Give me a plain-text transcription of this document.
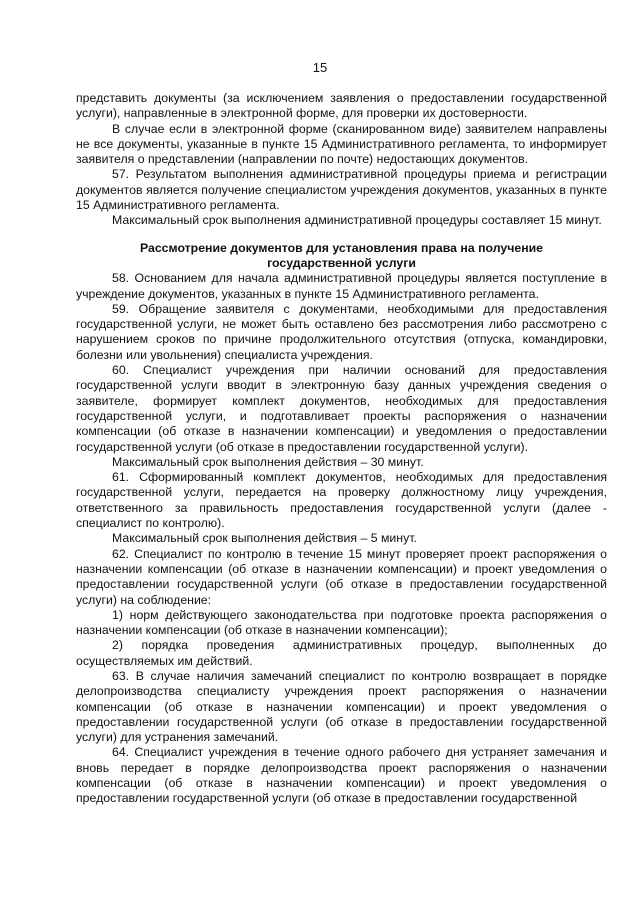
15

представить документы (за исключением заявления о предоставлении государственной услуги), направленные в электронной форме, для проверки их достоверности.

В случае если в электронной форме (сканированном виде) заявителем направлены не все документы, указанные в пункте 15 Административного регламента, то информирует заявителя о представлении (направлении по почте) недостающих документов.

57. Результатом выполнения административной процедуры приема и регистрации документов является получение специалистом учреждения документов, указанных в пункте 15 Административного регламента.

Максимальный срок выполнения административной процедуры составляет 15 минут.

Рассмотрение документов для установления права на получение
государственной услуги

58. Основанием для начала административной процедуры является поступление в учреждение документов, указанных в пункте 15 Административного регламента.

59. Обращение заявителя с документами, необходимыми для предоставления государственной услуги, не может быть оставлено без рассмотрения либо рассмотрено с нарушением сроков по причине продолжительного отсутствия (отпуска, командировки, болезни или увольнения) специалиста учреждения.

60. Специалист учреждения при наличии оснований для предоставления государственной услуги вводит в электронную базу данных учреждения сведения о заявителе, формирует комплект документов, необходимых для предоставления государственной услуги, и подготавливает проекты распоряжения о назначении компенсации (об отказе в назначении компенсации) и уведомления о предоставлении государственной услуги (об отказе в предоставлении государственной услуги).

Максимальный срок выполнения действия – 30 минут.

61. Сформированный комплект документов, необходимых для предоставления государственной услуги, передается на проверку должностному лицу учреждения, ответственного за правильность предоставления государственной услуги (далее - специалист по контролю).

Максимальный срок выполнения действия – 5 минут.

62. Специалист по контролю в течение 15 минут проверяет проект распоряжения о назначении компенсации (об отказе в назначении компенсации) и проект уведомления о предоставлении государственной услуги (об отказе в предоставлении государственной услуги) на соблюдение:

1) норм действующего законодательства при подготовке проекта распоряжения о назначении компенсации (об отказе в назначении компенсации);

2) порядка проведения административных процедур, выполненных до осуществляемых им действий.

63. В случае наличия замечаний специалист по контролю возвращает в порядке делопроизводства специалисту учреждения проект распоряжения о назначении компенсации (об отказе в назначении компенсации) и проект уведомления о предоставлении государственной услуги (об отказе в предоставлении государственной услуги) для устранения замечаний.

64. Специалист учреждения в течение одного рабочего дня устраняет замечания и вновь передает в порядке делопроизводства проект распоряжения о назначении компенсации (об отказе в назначении компенсации) и проект уведомления о предоставлении государственной услуги (об отказе в предоставлении государственной
